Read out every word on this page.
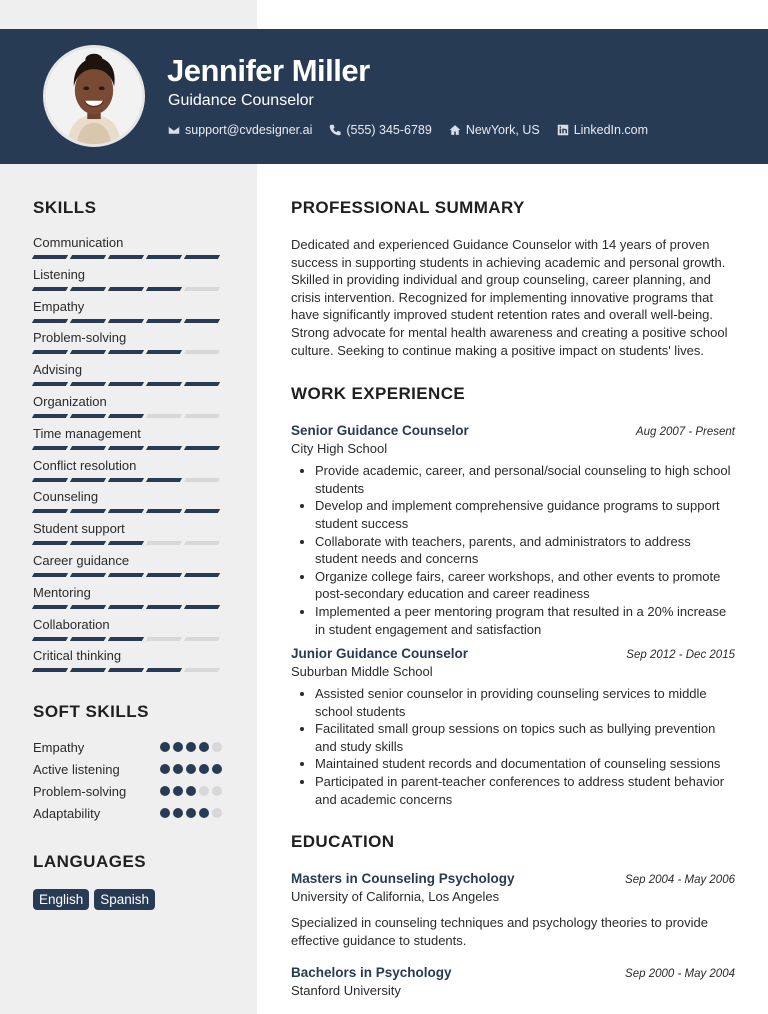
Jennifer Miller
Guidance Counselor
support@cvdesigner.ai	(555) 345-6789	NewYork, US	LinkedIn.com
SKILLS
Communication
Listening
Empathy
Problem-solving
Advising
Organization
Time management
Conflict resolution
Counseling
Student support
Career guidance
Mentoring
Collaboration
Critical thinking
SOFT SKILLS
Empathy
Active listening
Problem-solving
Adaptability
LANGUAGES
English	Spanish
PROFESSIONAL SUMMARY
Dedicated and experienced Guidance Counselor with 14 years of proven success in supporting students in achieving academic and personal growth. Skilled in providing individual and group counseling, career planning, and crisis intervention. Recognized for implementing innovative programs that have significantly improved student retention rates and overall well-being. Strong advocate for mental health awareness and creating a positive school culture. Seeking to continue making a positive impact on students' lives.
WORK EXPERIENCE
Senior Guidance Counselor	Aug 2007 - Present
City High School
• Provide academic, career, and personal/social counseling to high school students
• Develop and implement comprehensive guidance programs to support student success
• Collaborate with teachers, parents, and administrators to address student needs and concerns
• Organize college fairs, career workshops, and other events to promote post-secondary education and career readiness
• Implemented a peer mentoring program that resulted in a 20% increase in student engagement and satisfaction
Junior Guidance Counselor	Sep 2012 - Dec 2015
Suburban Middle School
• Assisted senior counselor in providing counseling services to middle school students
• Facilitated small group sessions on topics such as bullying prevention and study skills
• Maintained student records and documentation of counseling sessions
• Participated in parent-teacher conferences to address student behavior and academic concerns
EDUCATION
Masters in Counseling Psychology	Sep 2004 - May 2006
University of California, Los Angeles
Specialized in counseling techniques and psychology theories to provide effective guidance to students.
Bachelors in Psychology	Sep 2000 - May 2004
Stanford University
